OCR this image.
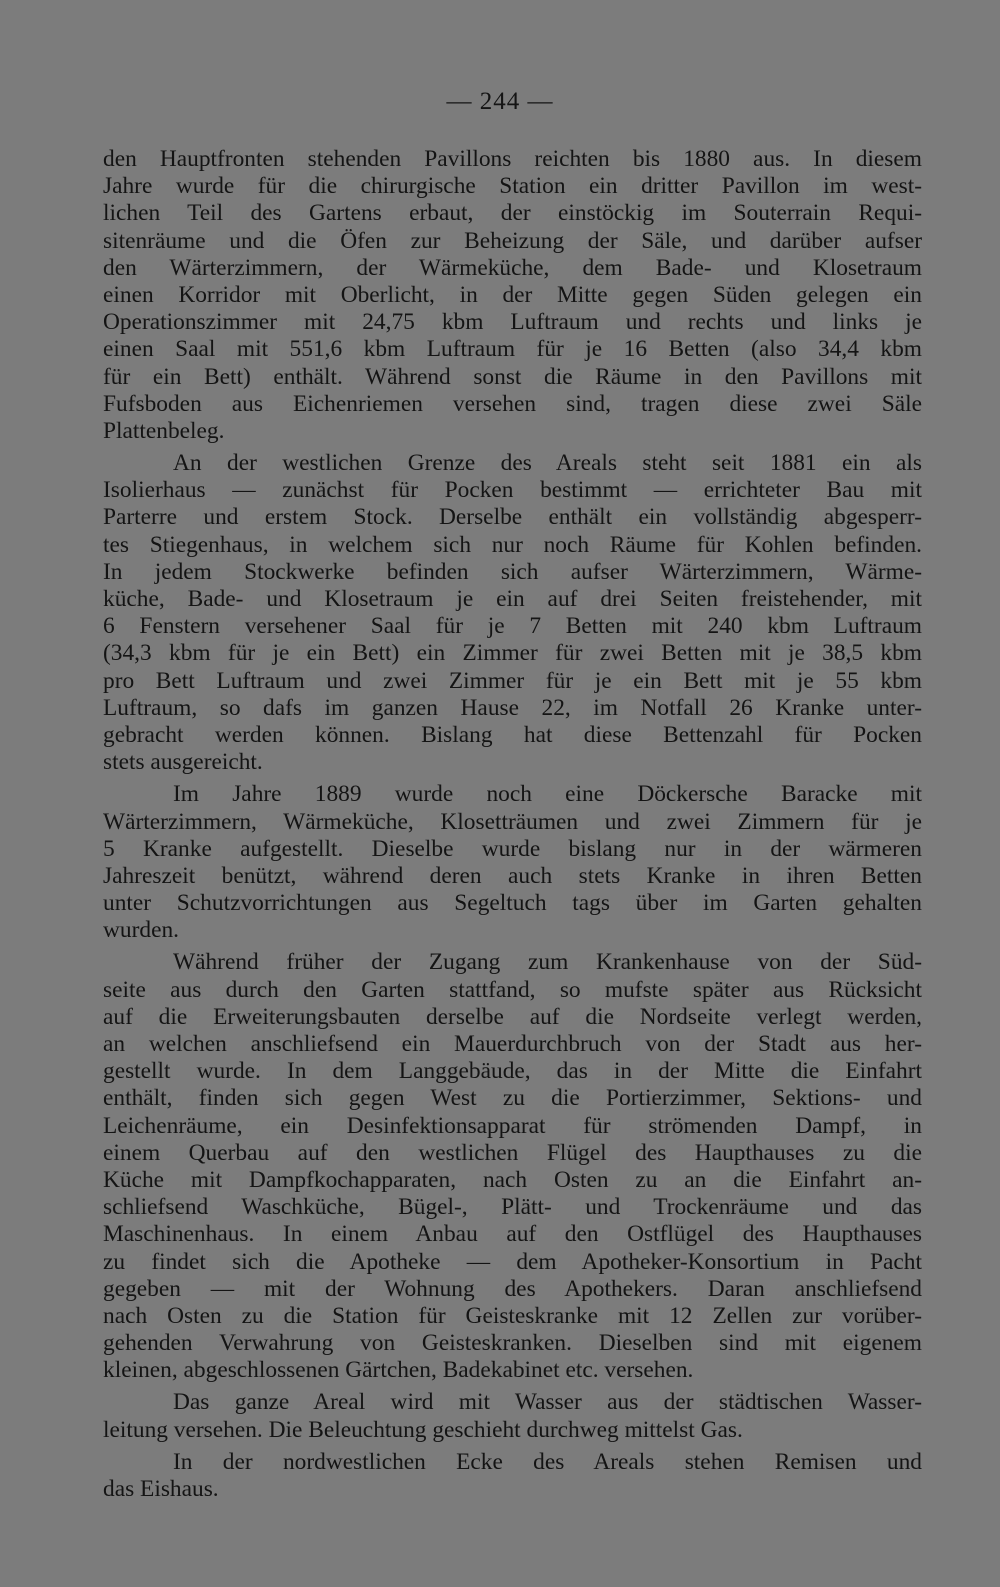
— 244 —

den Hauptfronten stehenden Pavillons reichten bis 1880 aus. In diesem
Jahre wurde für die chirurgische Station ein dritter Pavillon im west-
lichen Teil des Gartens erbaut, der einstöckig im Souterrain Requi-
sitenräume und die Öfen zur Beheizung der Säle, und darüber aufser
den Wärterzimmern, der Wärmeküche, dem Bade- und Klosetraum
einen Korridor mit Oberlicht, in der Mitte gegen Süden gelegen ein
Operationszimmer mit 24,75 kbm Luftraum und rechts und links je
einen Saal mit 551,6 kbm Luftraum für je 16 Betten (also 34,4 kbm
für ein Bett) enthält. Während sonst die Räume in den Pavillons mit
Fufsboden aus Eichenriemen versehen sind, tragen diese zwei Säle
Plattenbeleg.
An der westlichen Grenze des Areals steht seit 1881 ein als
Isolierhaus — zunächst für Pocken bestimmt — errichteter Bau mit
Parterre und erstem Stock. Derselbe enthält ein vollständig abgesperr-
tes Stiegenhaus, in welchem sich nur noch Räume für Kohlen befinden.
In jedem Stockwerke befinden sich aufser Wärterzimmern, Wärme-
küche, Bade- und Klosetraum je ein auf drei Seiten freistehender, mit
6 Fenstern versehener Saal für je 7 Betten mit 240 kbm Luftraum
(34,3 kbm für je ein Bett) ein Zimmer für zwei Betten mit je 38,5 kbm
pro Bett Luftraum und zwei Zimmer für je ein Bett mit je 55 kbm
Luftraum, so dafs im ganzen Hause 22, im Notfall 26 Kranke unter-
gebracht werden können. Bislang hat diese Bettenzahl für Pocken
stets ausgereicht.
Im Jahre 1889 wurde noch eine Döckersche Baracke mit
Wärterzimmern, Wärmeküche, Klosetträumen und zwei Zimmern für je
5 Kranke aufgestellt. Dieselbe wurde bislang nur in der wärmeren
Jahreszeit benützt, während deren auch stets Kranke in ihren Betten
unter Schutzvorrichtungen aus Segeltuch tags über im Garten gehalten
wurden.
Während früher der Zugang zum Krankenhause von der Süd-
seite aus durch den Garten stattfand, so mufste später aus Rücksicht
auf die Erweiterungsbauten derselbe auf die Nordseite verlegt werden,
an welchen anschliefsend ein Mauerdurchbruch von der Stadt aus her-
gestellt wurde. In dem Langgebäude, das in der Mitte die Einfahrt
enthält, finden sich gegen West zu die Portierzimmer, Sektions- und
Leichenräume, ein Desinfektionsapparat für strömenden Dampf, in
einem Querbau auf den westlichen Flügel des Haupthauses zu die
Küche mit Dampfkochapparaten, nach Osten zu an die Einfahrt an-
schliefsend Waschküche, Bügel-, Plätt- und Trockenräume und das
Maschinenhaus. In einem Anbau auf den Ostflügel des Haupthauses
zu findet sich die Apotheke — dem Apotheker-Konsortium in Pacht
gegeben — mit der Wohnung des Apothekers. Daran anschliefsend
nach Osten zu die Station für Geisteskranke mit 12 Zellen zur vorüber-
gehenden Verwahrung von Geisteskranken. Dieselben sind mit eigenem
kleinen, abgeschlossenen Gärtchen, Badekabinet etc. versehen.
Das ganze Areal wird mit Wasser aus der städtischen Wasser-
leitung versehen. Die Beleuchtung geschieht durchweg mittelst Gas.
In der nordwestlichen Ecke des Areals stehen Remisen und
das Eishaus.
